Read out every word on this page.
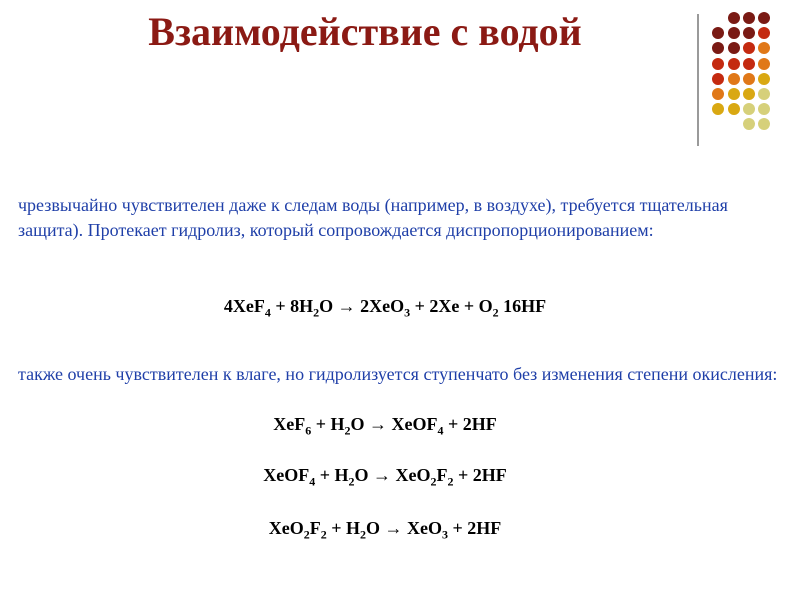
Взаимодействие с водой

чрезвычайно чувствителен даже к следам воды (например, в воздухе), требуется тщательная защита). Протекает гидролиз, который сопровождается диспропорционированием:

$4XeF_4 + 8H_2O \to 2XeO_3 + 2Xe + O_2$ 16HF

также очень чувствителен к влаге, но гидролизуется ступенчато без изменения степени окисления:

$XeF_6 + H_2O$ → XeOF$_4$ + 2HF

XeOF$_4$ + $H_2O \to XeO_2F_2 + 2HF$

$XeO_2F_2 + H_2O \to XeO_3 + 2HF$
